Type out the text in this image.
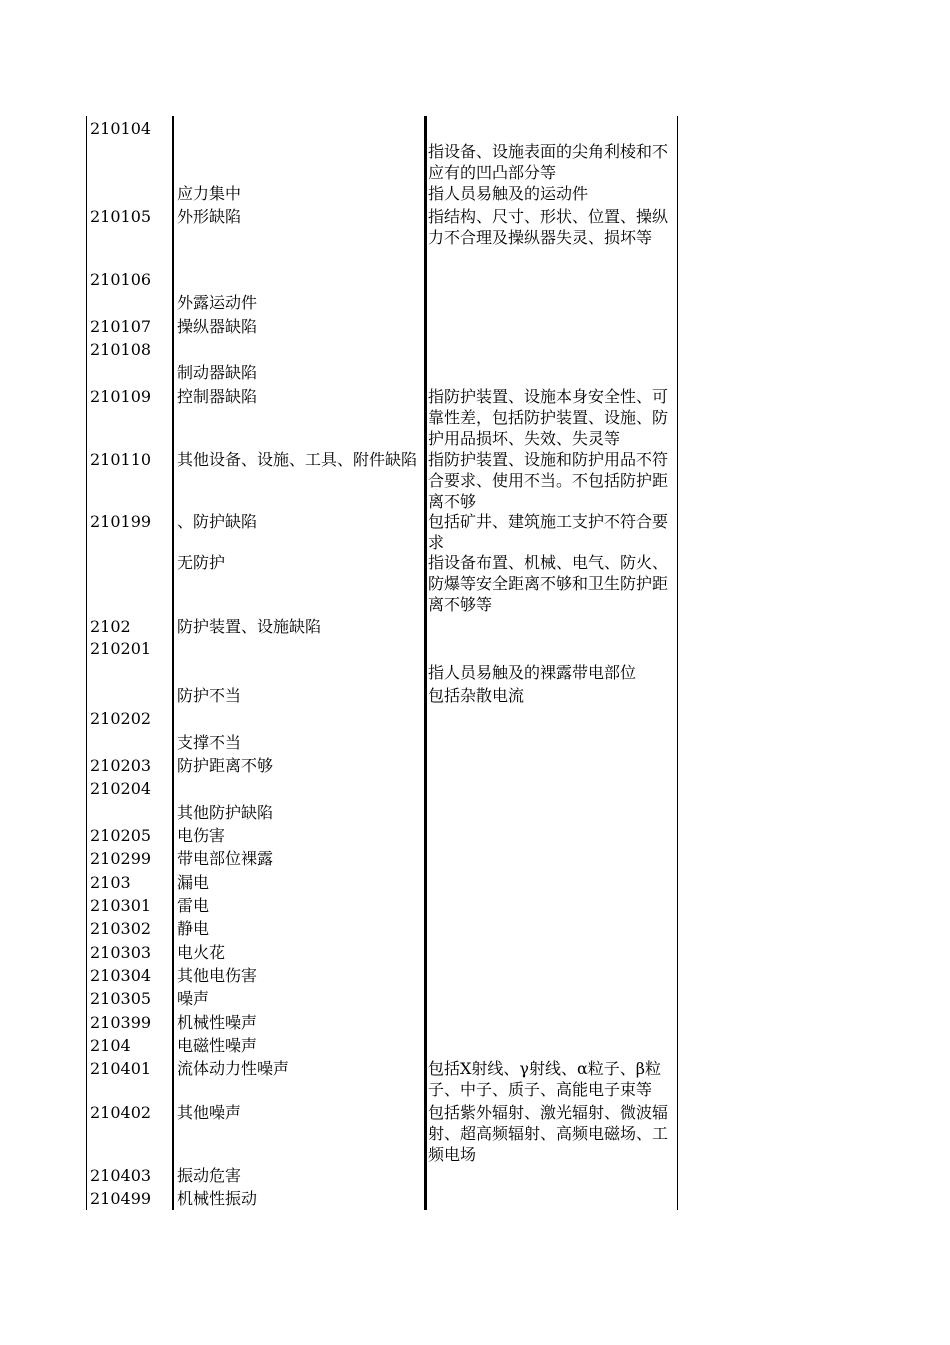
210104
210105
210106
210107
210108
210109
210110
210199
2102
210201
210202
210203
210204
210205
210299
2103
210301
210302
210303
210304
210305
210399
2104
210401
210402
210403
210499
应力集中
外形缺陷
外露运动件
操纵器缺陷
制动器缺陷
控制器缺陷
其他设备、设施、工具、附件缺陷
、防护缺陷
无防护
防护装置、设施缺陷
防护不当
支撑不当
防护距离不够
其他防护缺陷
电伤害
带电部位裸露
漏电
雷电
静电
电火花
其他电伤害
噪声
机械性噪声
电磁性噪声
流体动力性噪声
其他噪声
振动危害
机械性振动
指设备、设施表面的尖角利棱和不应有的凹凸部分等
指人员易触及的运动件
指结构、尺寸、形状、位置、操纵力不合理及操纵器失灵、损坏等
指防护装置、设施本身安全性、可靠性差，包括防护装置、设施、防护用品损坏、失效、失灵等
指防护装置、设施和防护用品不符合要求、使用不当。不包括防护距离不够
包括矿井、建筑施工支护不符合要求
指设备布置、机械、电气、防火、防爆等安全距离不够和卫生防护距离不够等
指人员易触及的裸露带电部位
包括杂散电流
包括X射线、γ射线、α粒子、β粒子、中子、质子、高能电子束等
包括紫外辐射、激光辐射、微波辐射、超高频辐射、高频电磁场、工频电场
